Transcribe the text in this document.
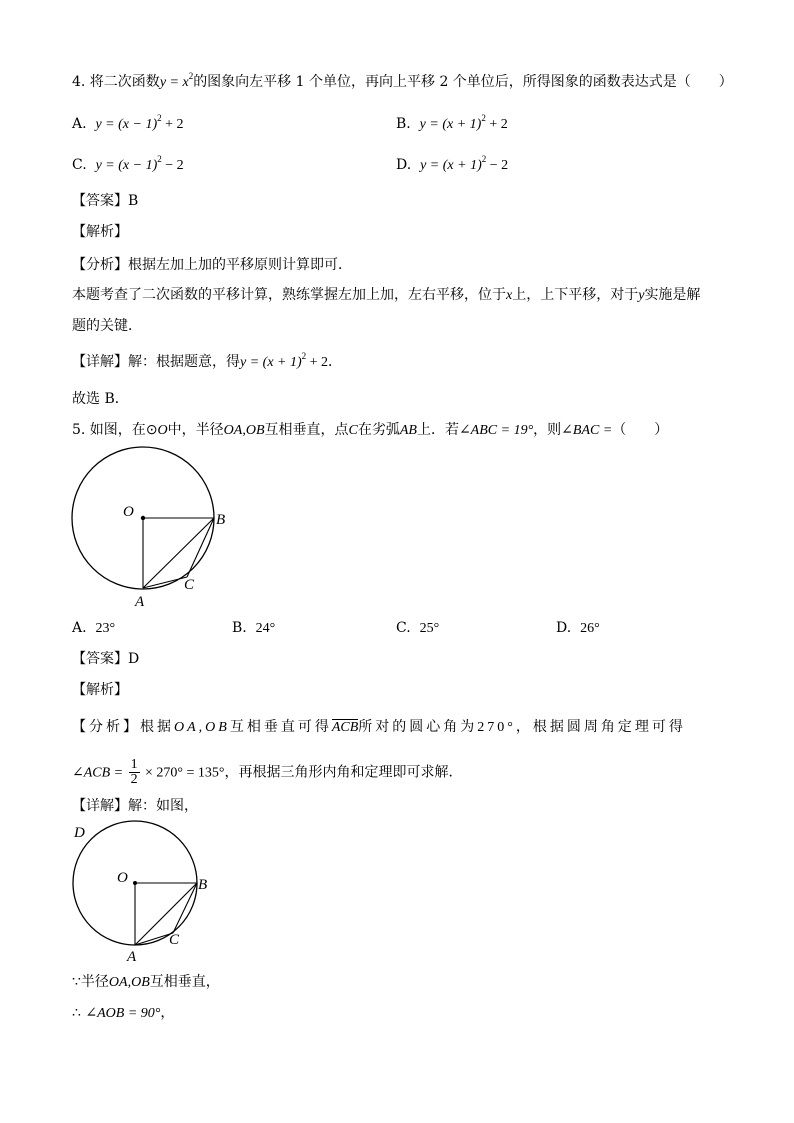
4. 将二次函数$y = x^2$的图象向左平移 1 个单位，再向上平移 2 个单位后，所得图象的函数表达式是（　　）
A. $y = (x - 1)^2 + 2$	B. $y = (x + 1)^2 + 2$
C. $y = (x - 1)^2 - 2$	D. $y = (x + 1)^2 - 2$
【答案】B
【解析】
【分析】根据左加上加的平移原则计算即可．
本题考查了二次函数的平移计算，熟练掌握左加上加，左右平移，位于x上，上下平移，对于y实施是解
题的关键．
【详解】解：根据题意，得$y = (x + 1)^2 + 2$．
故选 B．
5. 如图，在⊙O中，半径OA,OB互相垂直，点C在劣弧AB上．若∠ABC = 19°，则∠BAC =（　　）
O	B
C
A
A. 23°	B. 24°	C. 25°	D. 26°
【答案】D
【解析】
【分析】根据OA,OB互相垂直可得ACB所对的圆心角为270°，根据圆周角定理可得
∠ACB = $\frac{1}{2} \times 270^\circ = 135^\circ$，再根据三角形内角和定理即可求解．
【详解】解：如图，
D
O	B
C
A
∵半径OA,OB互相垂直，
∴ ∠AOB = 90°，
